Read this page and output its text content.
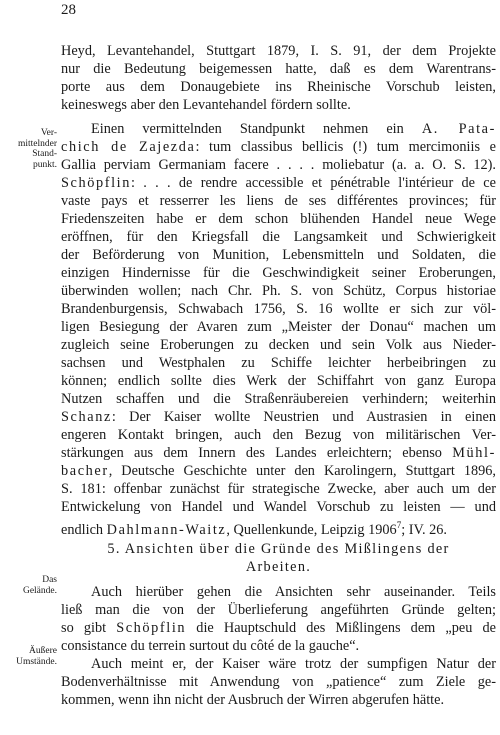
28
Ver-
mittelnder
Stand-
punkt.
Das
Gelände.
Äußere
Umstände.
Heyd, Levantehandel, Stuttgart 1879, I. S. 91, der dem Projekte
nur die Bedeutung beigemessen hatte, daß es dem Warentrans-
porte aus dem Donaugebiete ins Rheinische Vorschub leisten,
keineswegs aber den Levantehandel fördern sollte.
Einen vermittelnden Standpunkt nehmen ein A. Pata-
chich de Zajezda: tum classibus bellicis (!) tum mercimoniis e
Gallia perviam Germaniam facere . . . . moliebatur (a. a. O. S. 12).
Schöpflin: . . . de rendre accessible et pénétrable l'intérieur de ce
vaste pays et resserrer les liens de ses différentes provinces; für
Friedenszeiten habe er dem schon blühenden Handel neue Wege
eröffnen, für den Kriegsfall die Langsamkeit und Schwierigkeit
der Beförderung von Munition, Lebensmitteln und Soldaten, die
einzigen Hindernisse für die Geschwindigkeit seiner Eroberungen,
überwinden wollen; nach Chr. Ph. S. von Schütz, Corpus historiae
Brandenburgensis, Schwabach 1756, S. 16 wollte er sich zur völ-
ligen Besiegung der Avaren zum „Meister der Donau“ machen um
zugleich seine Eroberungen zu decken und sein Volk aus Nieder-
sachsen und Westphalen zu Schiffe leichter herbeibringen zu
können; endlich sollte dies Werk der Schiffahrt von ganz Europa
Nutzen schaffen und die Straßenräubereien verhindern; weiterhin
Schanz: Der Kaiser wollte Neustrien und Austrasien in einen
engeren Kontakt bringen, auch den Bezug von militärischen Ver-
stärkungen aus dem Innern des Landes erleichtern; ebenso Mühl-
bacher, Deutsche Geschichte unter den Karolingern, Stuttgart 1896,
S. 181: offenbar zunächst für strategische Zwecke, aber auch um der
Entwickelung von Handel und Wandel Vorschub zu leisten — und
endlich Dahlmann-Waitz, Quellenkunde, Leipzig 1906$^7$; IV. 26.
5. Ansichten über die Gründe des Mißlingens der
Arbeiten.
Auch hierüber gehen die Ansichten sehr auseinander. Teils
ließ man die von der Überlieferung angeführten Gründe gelten;
so gibt Schöpflin die Hauptschuld des Mißlingens dem „peu de
consistance du terrein surtout du côté de la gauche“.
Auch meint er, der Kaiser wäre trotz der sumpfigen Natur der
Bodenverhältnisse mit Anwendung von „patience“ zum Ziele ge-
kommen, wenn ihn nicht der Ausbruch der Wirren abgerufen hätte.
